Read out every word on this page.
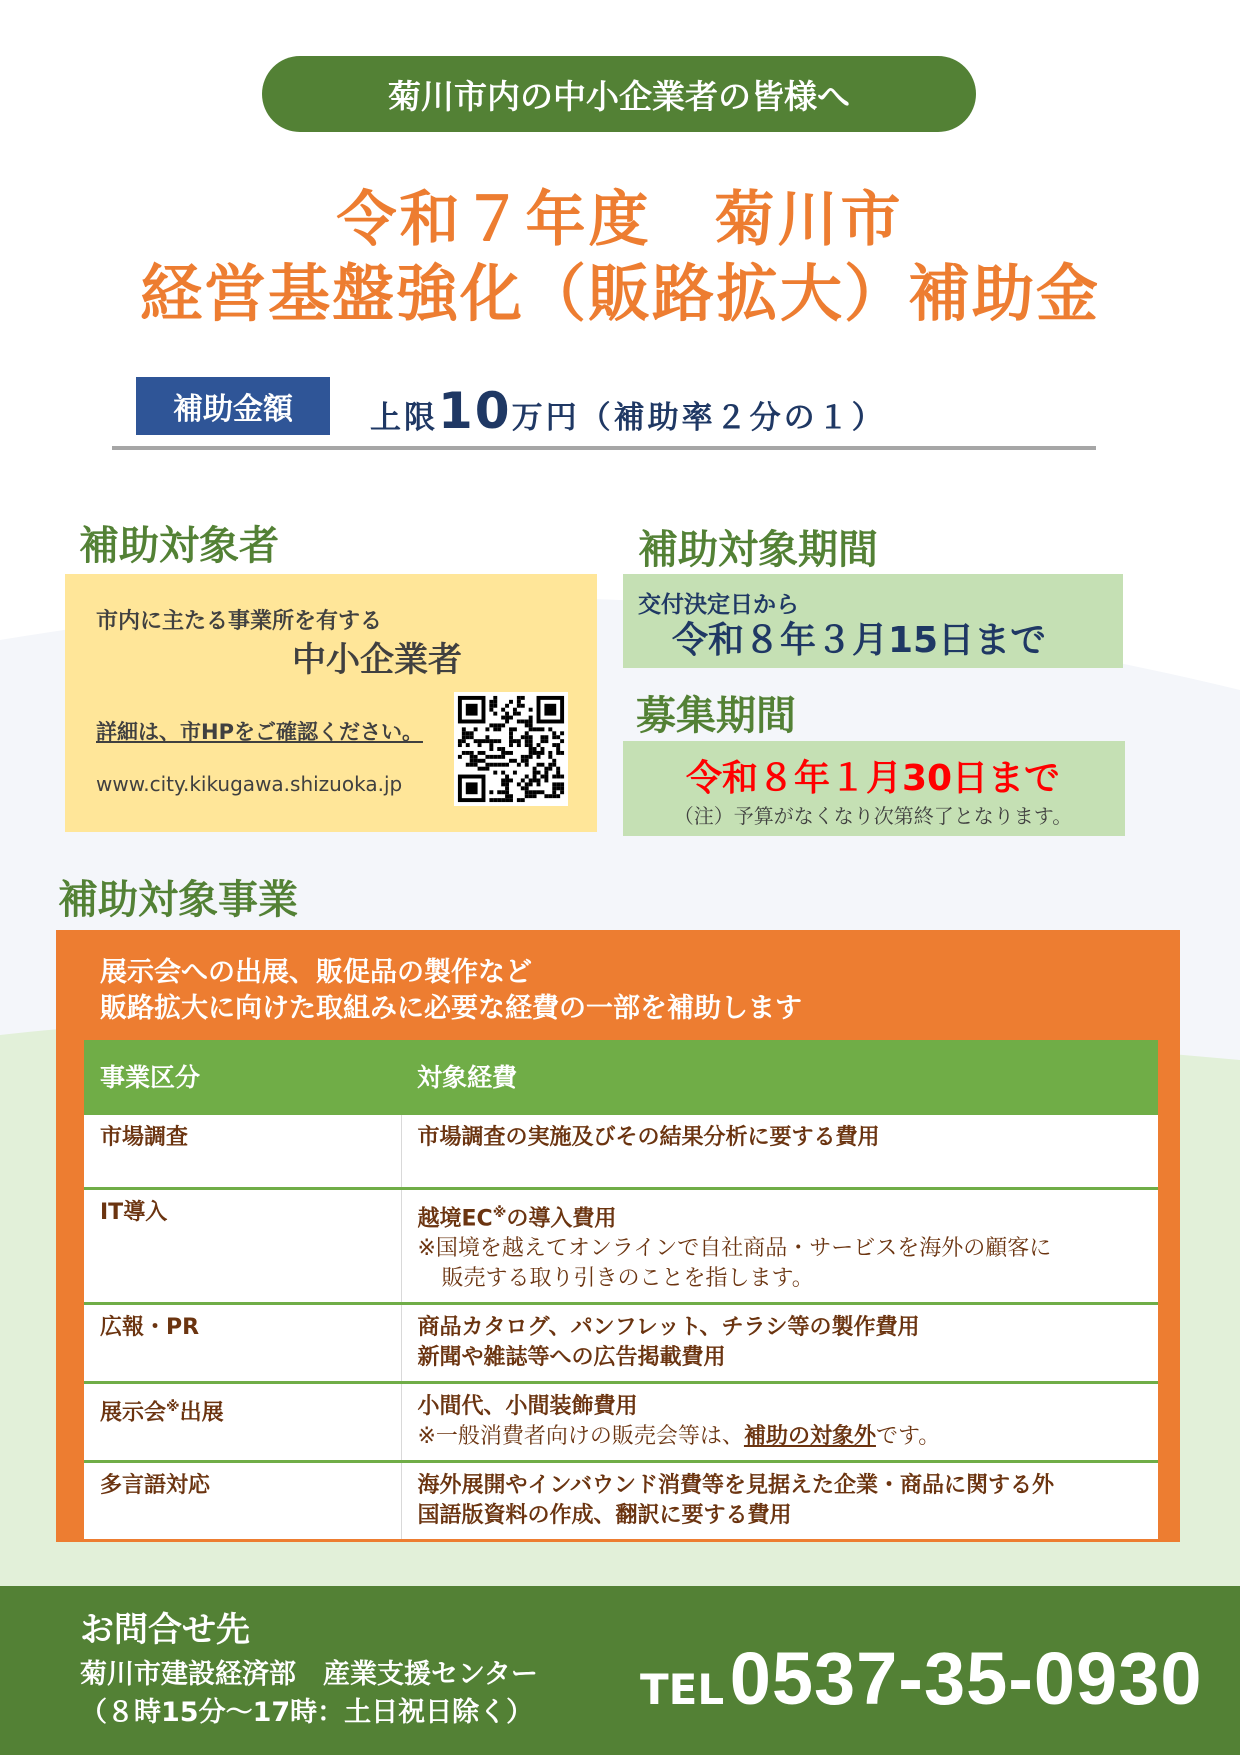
菊川市内の中小企業者の皆様へ
令和７年度　菊川市
経営基盤強化（販路拡大）補助金
補助金額	上限10万円（補助率２分の１）
補助対象者
市内に主たる事業所を有する
中小企業者
詳細は、市HPをご確認ください。
www.city.kikugawa.shizuoka.jp
補助対象期間
交付決定日から
令和８年３月15日まで
募集期間
令和８年１月30日まで
（注）予算がなくなり次第終了となります。
補助対象事業
展示会への出展、販促品の製作など
販路拡大に向けた取組みに必要な経費の一部を補助します
事業区分	対象経費
市場調査	市場調査の実施及びその結果分析に要する費用

IT導入	越境EC※の導入費用
※国境を越えてオンラインで自社商品・サービスを海外の顧客に
販売する取り引きのことを指します。

広報・PR	商品カタログ、パンフレット、チラシ等の製作費用
新聞や雑誌等への広告掲載費用

展示会※出展	小間代、小間装飾費用
※一般消費者向けの販売会等は、補助の対象外です。

多言語対応	海外展開やインバウンド消費等を見据えた企業・商品に関する外
国語版資料の作成、翻訳に要する費用
お問合せ先
菊川市建設経済部　産業支援センター
（８時15分～17時：土日祝日除く）	TEL 0537-35-0930
